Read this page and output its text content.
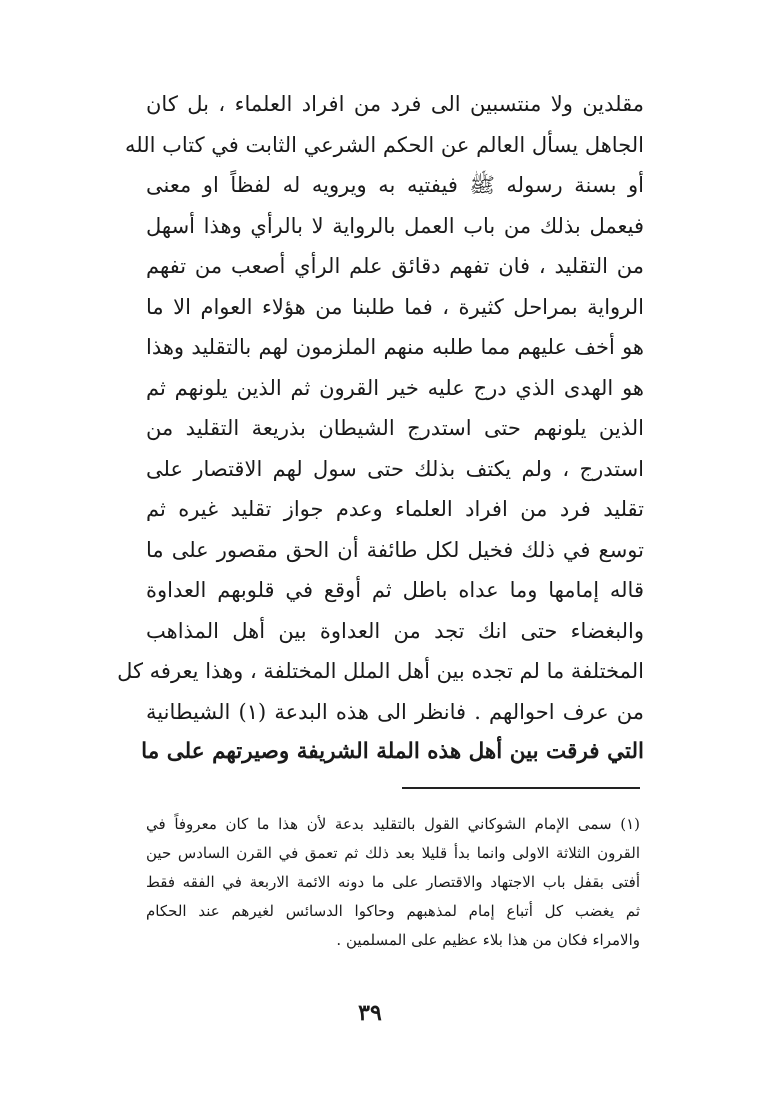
مقلدين ولا منتسبين الى فرد من افراد العلماء ، بل كان
الجاهل يسأل العالم عن الحكم الشرعي الثابت في كتاب الله
أو بسنة رسوله ﷺ فيفتيه به ويرويه له لفظاً او معنى
فيعمل بذلك من باب العمل بالرواية لا بالرأي وهذا أسهل
من التقليد ، فان تفهم دقائق علم الرأي أصعب من تفهم
الرواية بمراحل كثيرة ، فما طلبنا من هؤلاء العوام الا ما
هو أخف عليهم مما طلبه منهم الملزمون لهم بالتقليد وهذا
هو الهدى الذي درج عليه خير القرون ثم الذين يلونهم ثم
الذين يلونهم حتى استدرج الشيطان بذريعة التقليد من
استدرج ، ولم يكتف بذلك حتى سول لهم الاقتصار على
تقليد فرد من افراد العلماء وعدم جواز تقليد غيره ثم
توسع في ذلك فخيل لكل طائفة أن الحق مقصور على ما
قاله إمامها وما عداه باطل ثم أوقع في قلوبهم العداوة
والبغضاء حتى انك تجد من العداوة بين أهل المذاهب
المختلفة ما لم تجده بين أهل الملل المختلفة ، وهذا يعرفه كل
من عرف احوالهم . فانظر الى هذه البدعة (١) الشيطانية
التي فرقت بين أهل هذه الملة الشريفة وصيرتهم على ما
(١) سمى الإمام الشوكاني القول بالتقليد بدعة لأن هذا ما كان معروفاً في
القرون الثلاثة الاولى وانما بدأ قليلا بعد ذلك ثم تعمق في القرن السادس حين
أفتى بقفل باب الاجتهاد والاقتصار على ما دونه الائمة الاربعة في الفقه فقط
ثم يغضب كل أتباع إمام لمذهبهم وحاكوا الدسائس لغيرهم عند الحكام
والامراء فكان من هذا بلاء عظيم على المسلمين .
٣٩
